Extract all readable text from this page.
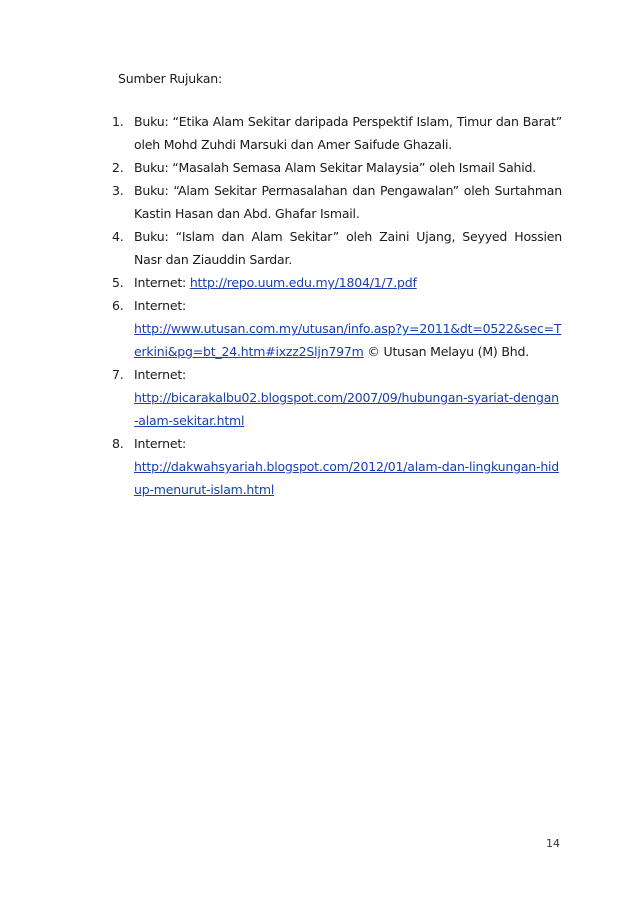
Sumber Rujukan:
1. Buku: “Etika Alam Sekitar daripada Perspektif Islam, Timur dan Barat” oleh Mohd Zuhdi Marsuki dan Amer Saifude Ghazali.
2. Buku: “Masalah Semasa Alam Sekitar Malaysia” oleh Ismail Sahid.
3. Buku: “Alam Sekitar Permasalahan dan Pengawalan” oleh Surtahman Kastin Hasan dan Abd. Ghafar Ismail.
4. Buku: “Islam dan Alam Sekitar” oleh Zaini Ujang, Seyyed Hossien Nasr dan Ziauddin Sardar.
5. Internet: http://repo.uum.edu.my/1804/1/7.pdf
6. Internet:
http://www.utusan.com.my/utusan/info.asp?y=2011&dt=0522&sec=Terkini&pg=bt_24.htm#ixzz2Sljn797m © Utusan Melayu (M) Bhd.
7. Internet:
http://bicarakalbu02.blogspot.com/2007/09/hubungan-syariat-dengan-alam-sekitar.html
8. Internet:
http://dakwahsyariah.blogspot.com/2012/01/alam-dan-lingkungan-hidup-menurut-islam.html
14
